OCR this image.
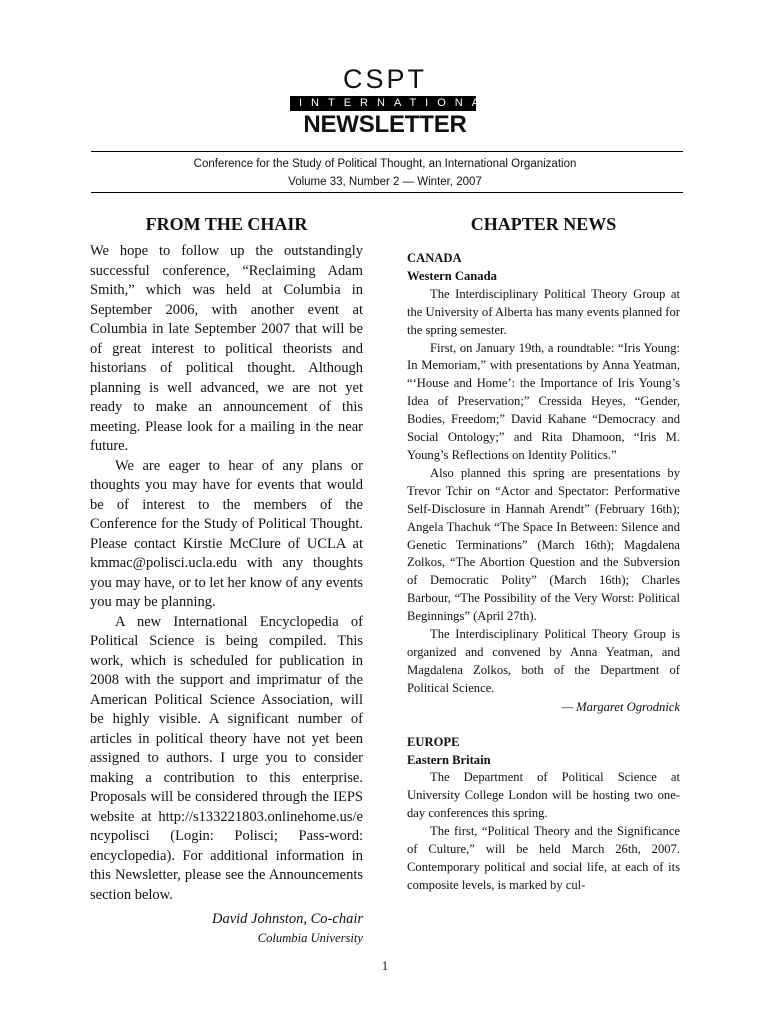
CSPT
INTERNATIONAL
NEWSLETTER
Conference for the Study of Political Thought, an International Organization
Volume 33, Number 2 — Winter, 2007
FROM THE CHAIR

We hope to follow up the outstandingly successful conference, “Reclaiming Adam Smith,” which was held at Columbia in September 2006, with another event at Columbia in late September 2007 that will be of great interest to political theorists and historians of political thought. Although planning is well advanced, we are not yet ready to make an announcement of this meeting. Please look for a mailing in the near future.

We are eager to hear of any plans or thoughts you may have for events that would be of interest to the members of the Conference for the Study of Political Thought. Please contact Kirstie McClure of UCLA at kmmac@polisci.ucla.edu with any thoughts you may have, or to let her know of any events you may be planning.

A new International Encyclopedia of Political Science is being compiled. This work, which is scheduled for publication in 2008 with the support and imprimatur of the American Political Science Association, will be highly visible. A significant number of articles in political theory have not yet been assigned to authors. I urge you to consider making a contribution to this enterprise. Proposals will be considered through the IEPS website at http://s133221803.onlinehome.us/encypolisci (Login: Polisci; Pass-word: encyclopedia). For additional information in this Newsletter, please see the Announcements section below.

David Johnston, Co-chair
Columbia University
CHAPTER NEWS
CANADA
Western Canada

The Interdisciplinary Political Theory Group at the University of Alberta has many events planned for the spring semester.

First, on January 19th, a roundtable: “Iris Young: In Memoriam,” with presentations by Anna Yeatman, “‘House and Home’: the Importance of Iris Young’s Idea of Preservation;” Cressida Heyes, “Gender, Bodies, Freedom;” David Kahane “Democracy and Social Ontology;” and Rita Dhamoon, “Iris M. Young’s Reflections on Identity Politics.”

Also planned this spring are presentations by Trevor Tchir on “Actor and Spectator: Performative Self-Disclosure in Hannah Arendt” (February 16th); Angela Thachuk “The Space In Between: Silence and Genetic Terminations” (March 16th); Magdalena Zolkos, “The Abortion Question and the Subversion of Democratic Polity” (March 16th); Charles Barbour, “The Possibility of the Very Worst: Political Beginnings” (April 27th).

The Interdisciplinary Political Theory Group is organized and convened by Anna Yeatman, and Magdalena Zolkos, both of the Department of Political Science.

— Margaret Ogrodnick
EUROPE
Eastern Britain

The Department of Political Science at University College London will be hosting two one-day conferences this spring.

The first, “Political Theory and the Significance of Culture,” will be held March 26th, 2007. Contemporary political and social life, at each of its composite levels, is marked by cul-

1
